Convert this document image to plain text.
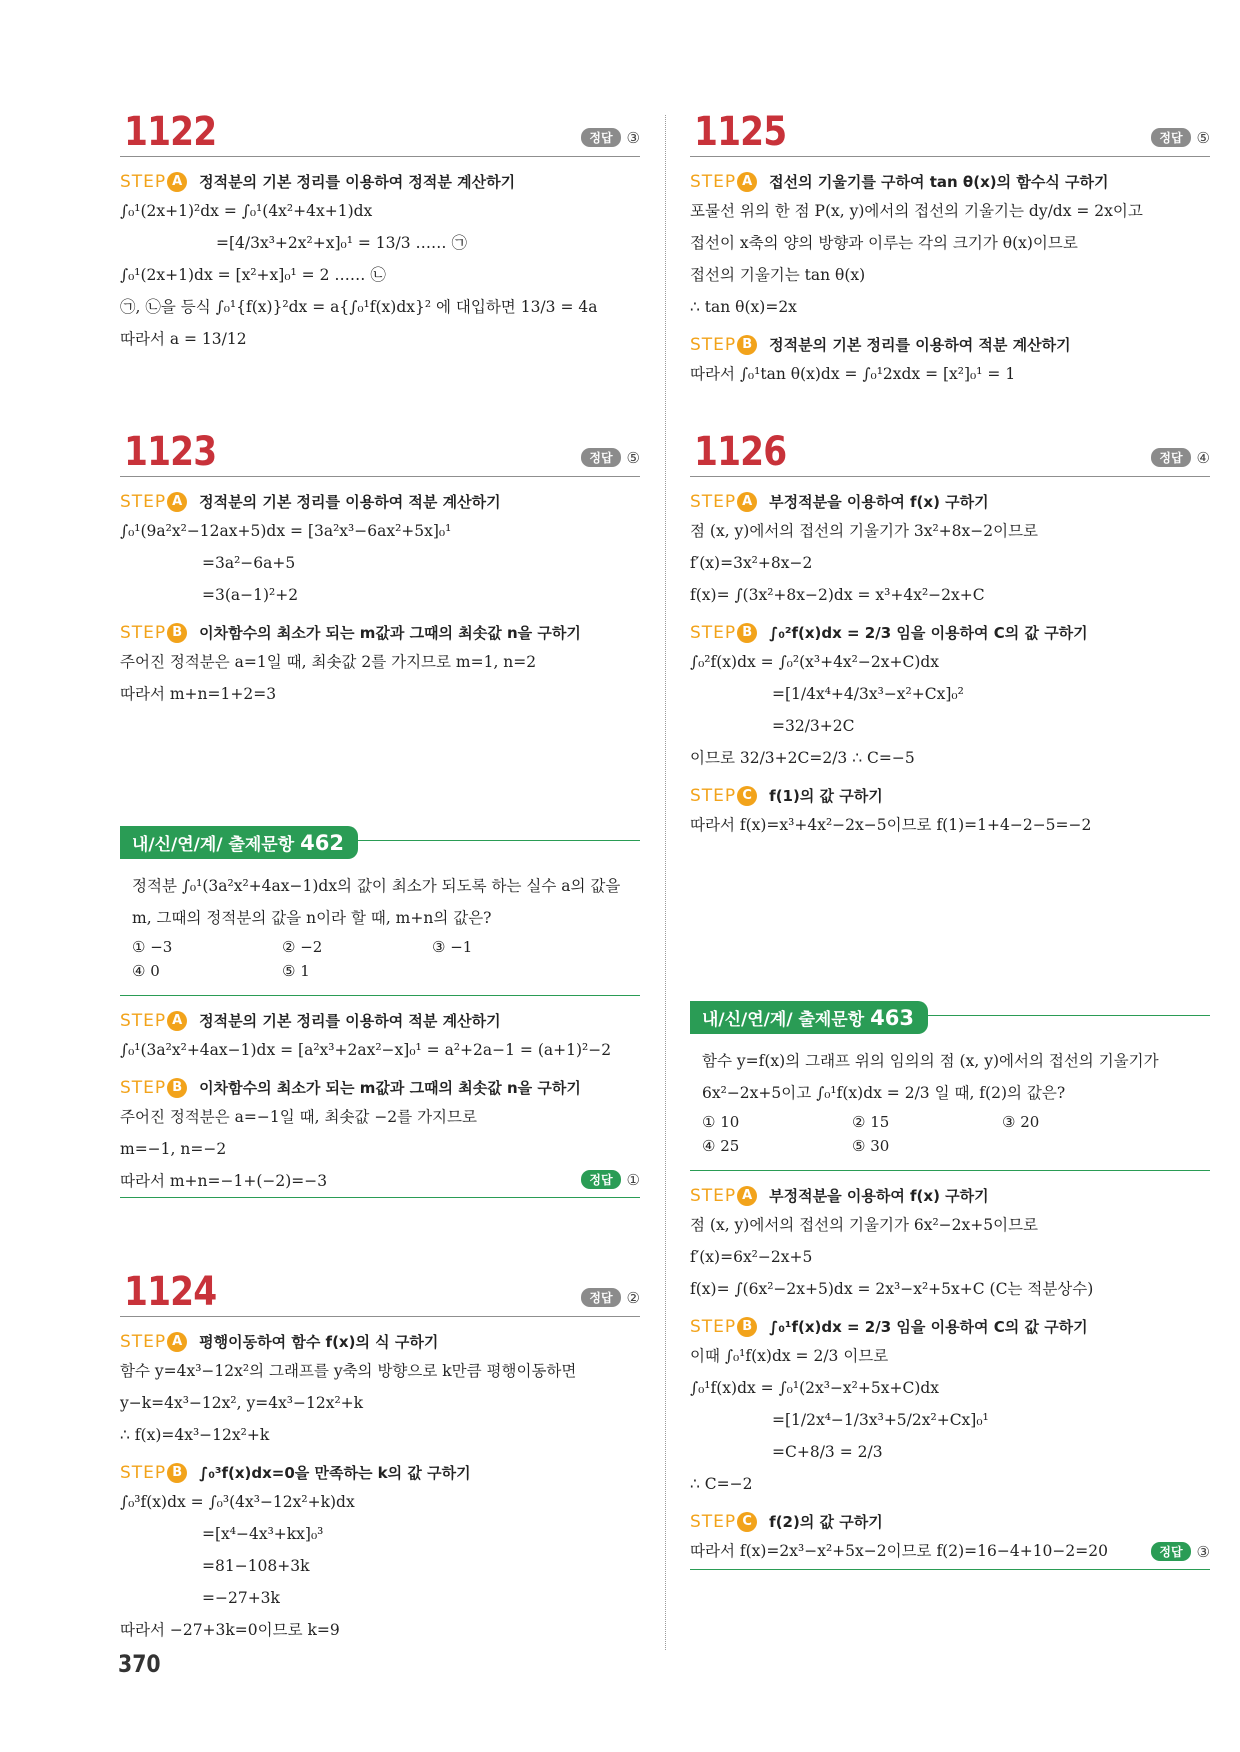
1122	정답 ③
STEP A	정적분의 기본 정리를 이용하여 정적분 계산하기
∫₀¹(2x+1)²dx = ∫₀¹(4x²+4x+1)dx
=[4/3x³+2x²+x]₀¹ = 13/3 …… ㉠
∫₀¹(2x+1)dx = [x²+x]₀¹ = 2 …… ㉡
㉠, ㉡을 등식 ∫₀¹{f(x)}²dx = a{∫₀¹f(x)dx}² 에 대입하면 13/3 = 4a
따라서 a = 13/12
1123	정답 ⑤
STEP A	정적분의 기본 정리를 이용하여 적분 계산하기
∫₀¹(9a²x²−12ax+5)dx = [3a²x³−6ax²+5x]₀¹
=3a²−6a+5
=3(a−1)²+2
STEP B	이차함수의 최소가 되는 m값과 그때의 최솟값 n을 구하기
주어진 정적분은 a=1일 때, 최솟값 2를 가지므로 m=1, n=2
따라서 m+n=1+2=3
내/신/연/계/ 출제문항 462
정적분 ∫₀¹(3a²x²+4ax−1)dx의 값이 최소가 되도록 하는 실수 a의 값을
m, 그때의 정적분의 값을 n이라 할 때, m+n의 값은?
① −3	② −2	③ −1
④ 0	⑤ 1
STEP A	정적분의 기본 정리를 이용하여 적분 계산하기
∫₀¹(3a²x²+4ax−1)dx = [a²x³+2ax²−x]₀¹ = a²+2a−1 = (a+1)²−2
STEP B	이차함수의 최소가 되는 m값과 그때의 최솟값 n을 구하기
주어진 정적분은 a=−1일 때, 최솟값 −2를 가지므로
m=−1, n=−2
따라서 m+n=−1+(−2)=−3	정답 ①
1124	정답 ②
STEP A	평행이동하여 함수 f(x)의 식 구하기
함수 y=4x³−12x²의 그래프를 y축의 방향으로 k만큼 평행이동하면
y−k=4x³−12x², y=4x³−12x²+k
∴ f(x)=4x³−12x²+k
STEP B	∫₀³f(x)dx=0을 만족하는 k의 값 구하기
∫₀³f(x)dx = ∫₀³(4x³−12x²+k)dx
=[x⁴−4x³+kx]₀³
=81−108+3k
=−27+3k
따라서 −27+3k=0이므로 k=9
1125	정답 ⑤
STEP A	접선의 기울기를 구하여 tan θ(x)의 함수식 구하기
포물선 위의 한 점 P(x, y)에서의 접선의 기울기는 dy/dx = 2x이고
접선이 x축의 양의 방향과 이루는 각의 크기가 θ(x)이므로
접선의 기울기는 tan θ(x)
∴ tan θ(x)=2x
STEP B	정적분의 기본 정리를 이용하여 적분 계산하기
따라서 ∫₀¹tan θ(x)dx = ∫₀¹2xdx = [x²]₀¹ = 1
1126	정답 ④
STEP A	부정적분을 이용하여 f(x) 구하기
점 (x, y)에서의 접선의 기울기가 3x²+8x−2이므로
f′(x)=3x²+8x−2
f(x)= ∫(3x²+8x−2)dx = x³+4x²−2x+C
STEP B	∫₀²f(x)dx = 2/3 임을 이용하여 C의 값 구하기
∫₀²f(x)dx = ∫₀²(x³+4x²−2x+C)dx
=[1/4x⁴+4/3x³−x²+Cx]₀²
=32/3+2C
이므로 32/3+2C=2/3 ∴ C=−5
STEP C	f(1)의 값 구하기
따라서 f(x)=x³+4x²−2x−5이므로 f(1)=1+4−2−5=−2
내/신/연/계/ 출제문항 463
함수 y=f(x)의 그래프 위의 임의의 점 (x, y)에서의 접선의 기울기가
6x²−2x+5이고 ∫₀¹f(x)dx = 2/3 일 때, f(2)의 값은?
① 10	② 15	③ 20
④ 25	⑤ 30
STEP A	부정적분을 이용하여 f(x) 구하기
점 (x, y)에서의 접선의 기울기가 6x²−2x+5이므로
f′(x)=6x²−2x+5
f(x)= ∫(6x²−2x+5)dx = 2x³−x²+5x+C (C는 적분상수)
STEP B	∫₀¹f(x)dx = 2/3 임을 이용하여 C의 값 구하기
이때 ∫₀¹f(x)dx = 2/3 이므로
∫₀¹f(x)dx = ∫₀¹(2x³−x²+5x+C)dx
=[1/2x⁴−1/3x³+5/2x²+Cx]₀¹
=C+8/3 = 2/3
∴ C=−2
STEP C	f(2)의 값 구하기
따라서 f(x)=2x³−x²+5x−2이므로 f(2)=16−4+10−2=20	정답 ③
370
